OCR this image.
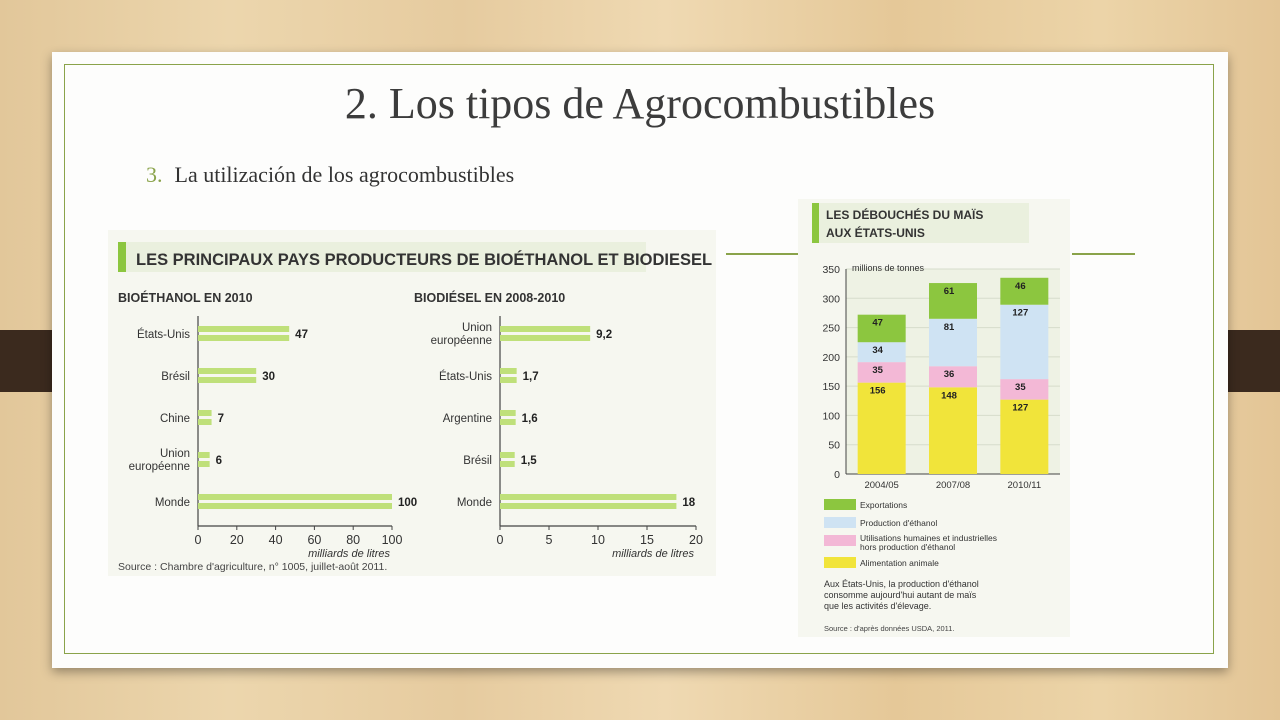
2. Los tipos de Agrocombustibles
3. La utilización de los agrocombustibles
LES PRINCIPAUX PAYS PRODUCTEURS DE BIOÉTHANOL ET BIODIESEL
Source : Chambre d'agriculture, n° 1005, juillet-août 2011.
BIOÉTHANOL EN 2010
États-Unis	47
Brésil	30
Chine 7
Union
européenne 6
Monde	100
0 20 40 60 80 100
milliards de litres
BIODIÉSEL EN 2008-2010
Union
européenne	9,2
États-Unis	1,7
Argentine	1,6
Brésil 1,5
Monde	18
0	5	10	15	20
milliards de litres
LES DÉBOUCHÉS DU MAÏS
AUX ÉTATS-UNIS
0
50
100
150
200
250
300
350 millions de tonnes
156
35
34
47
2004/05
148
36
81
61
2007/08
127
35
127
46
2010/11
Exportations
Production d'éthanol
Utilisations humaines et industrielles
hors production d'éthanol
Alimentation animale
Aux États-Unis, la production d'éthanol
consomme aujourd'hui autant de maïs
que les activités d'élevage.
Source : d'après données USDA, 2011.
